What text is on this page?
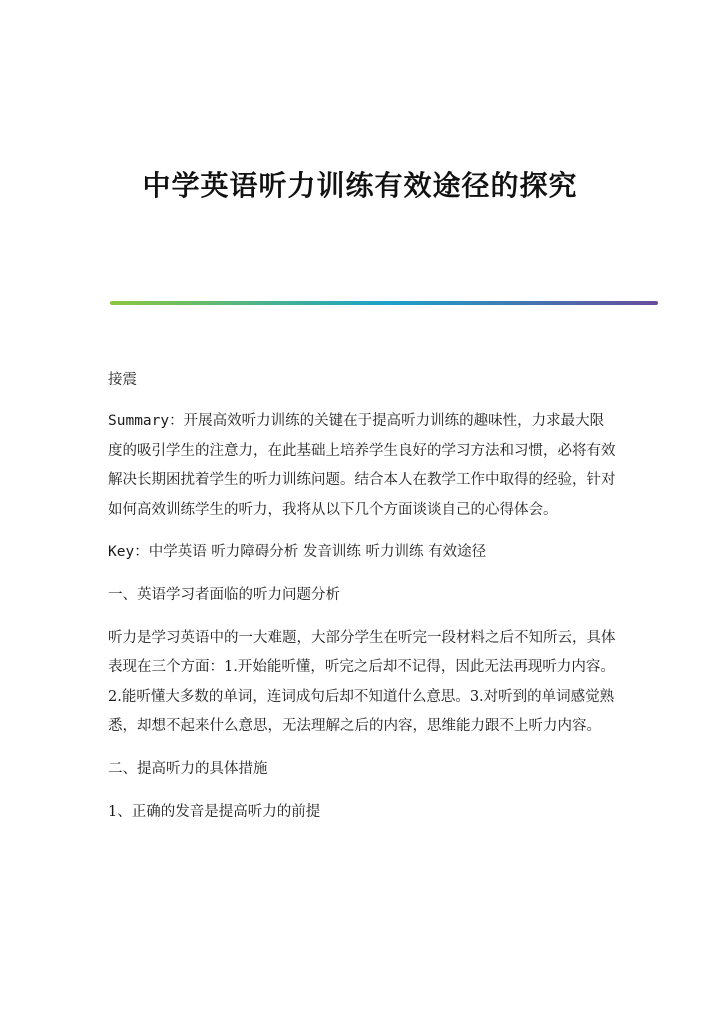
中学英语听力训练有效途径的探究
接震
Summary：开展高效听力训练的关键在于提高听力训练的趣味性，力求最大限度的吸引学生的注意力，在此基础上培养学生良好的学习方法和习惯，必将有效解决长期困扰着学生的听力训练问题。结合本人在教学工作中取得的经验，针对如何高效训练学生的听力，我将从以下几个方面谈谈自己的心得体会。
Key：中学英语 听力障碍分析 发音训练 听力训练 有效途径
一、英语学习者面临的听力问题分析
听力是学习英语中的一大难题，大部分学生在听完一段材料之后不知所云，具体表现在三个方面：1.开始能听懂，听完之后却不记得，因此无法再现听力内容。2.能听懂大多数的单词，连词成句后却不知道什么意思。3.对听到的单词感觉熟悉，却想不起来什么意思，无法理解之后的内容，思维能力跟不上听力内容。
二、提高听力的具体措施
1、正确的发音是提高听力的前提
